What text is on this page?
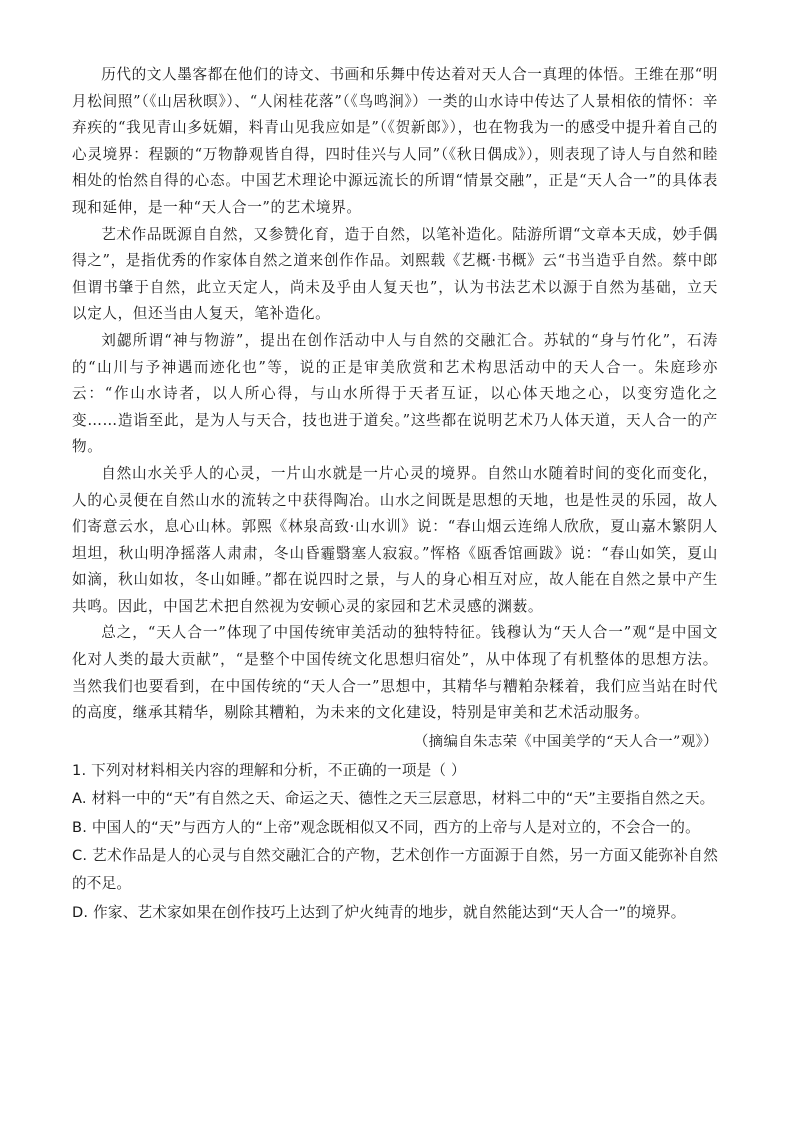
历代的文人墨客都在他们的诗文、书画和乐舞中传达着对天人合一真理的体悟。王维在那“明月松间照”（《山居秋暝》）、“人闲桂花落”（《鸟鸣涧》）一类的山水诗中传达了人景相依的情怀：辛弃疾的“我见青山多妩媚，料青山见我应如是”（《贺新郎》），也在物我为一的感受中提升着自己的心灵境界：程颢的“万物静观皆自得，四时佳兴与人同”（《秋日偶成》），则表现了诗人与自然和睦相处的怡然自得的心态。中国艺术理论中源远流长的所谓“情景交融”，正是“天人合一”的具体表现和延伸，是一种“天人合一”的艺术境界。

艺术作品既源自自然，又参赞化育，造于自然，以笔补造化。陆游所谓“文章本天成，妙手偶得之”，是指优秀的作家体自然之道来创作作品。刘熙载《艺概·书概》云“书当造乎自然。蔡中郎但谓书肇于自然，此立天定人，尚未及乎由人复天也”，认为书法艺术以源于自然为基础，立天以定人，但还当由人复天，笔补造化。

刘勰所谓“神与物游”，提出在创作活动中人与自然的交融汇合。苏轼的“身与竹化”，石涛的“山川与予神遇而迹化也”等，说的正是审美欣赏和艺术构思活动中的天人合一。朱庭珍亦云：“作山水诗者，以人所心得，与山水所得于天者互证，以心体天地之心，以变穷造化之变……造诣至此，是为人与天合，技也进于道矣。”这些都在说明艺术乃人体天道，天人合一的产物。

自然山水关乎人的心灵，一片山水就是一片心灵的境界。自然山水随着时间的变化而变化，人的心灵便在自然山水的流转之中获得陶冶。山水之间既是思想的天地，也是性灵的乐园，故人们寄意云水，息心山林。郭熙《林泉高致·山水训》说：“春山烟云连绵人欣欣，夏山嘉木繁阴人坦坦，秋山明净摇落人肃肃，冬山昏霾翳塞人寂寂。”恽格《瓯香馆画跋》说：“春山如笑，夏山如滴，秋山如妆，冬山如睡。”都在说四时之景，与人的身心相互对应，故人能在自然之景中产生共鸣。因此，中国艺术把自然视为安顿心灵的家园和艺术灵感的渊薮。

总之，“天人合一”体现了中国传统审美活动的独特特征。钱穆认为“天人合一”观“是中国文化对人类的最大贡献”，“是整个中国传统文化思想归宿处”，从中体现了有机整体的思想方法。当然我们也要看到，在中国传统的“天人合一”思想中，其精华与糟粕杂糅着，我们应当站在时代的高度，继承其精华，剔除其糟粕，为未来的文化建设，特别是审美和艺术活动服务。

（摘编自朱志荣《中国美学的“天人合一”观》）
1. 下列对材料相关内容的理解和分析，不正确的一项是（ ）
A. 材料一中的“天”有自然之天、命运之天、德性之天三层意思，材料二中的“天”主要指自然之天。
B. 中国人的“天”与西方人的“上帝”观念既相似又不同，西方的上帝与人是对立的，不会合一的。
C. 艺术作品是人的心灵与自然交融汇合的产物，艺术创作一方面源于自然，另一方面又能弥补自然的不足。
D. 作家、艺术家如果在创作技巧上达到了炉火纯青的地步，就自然能达到“天人合一”的境界。
